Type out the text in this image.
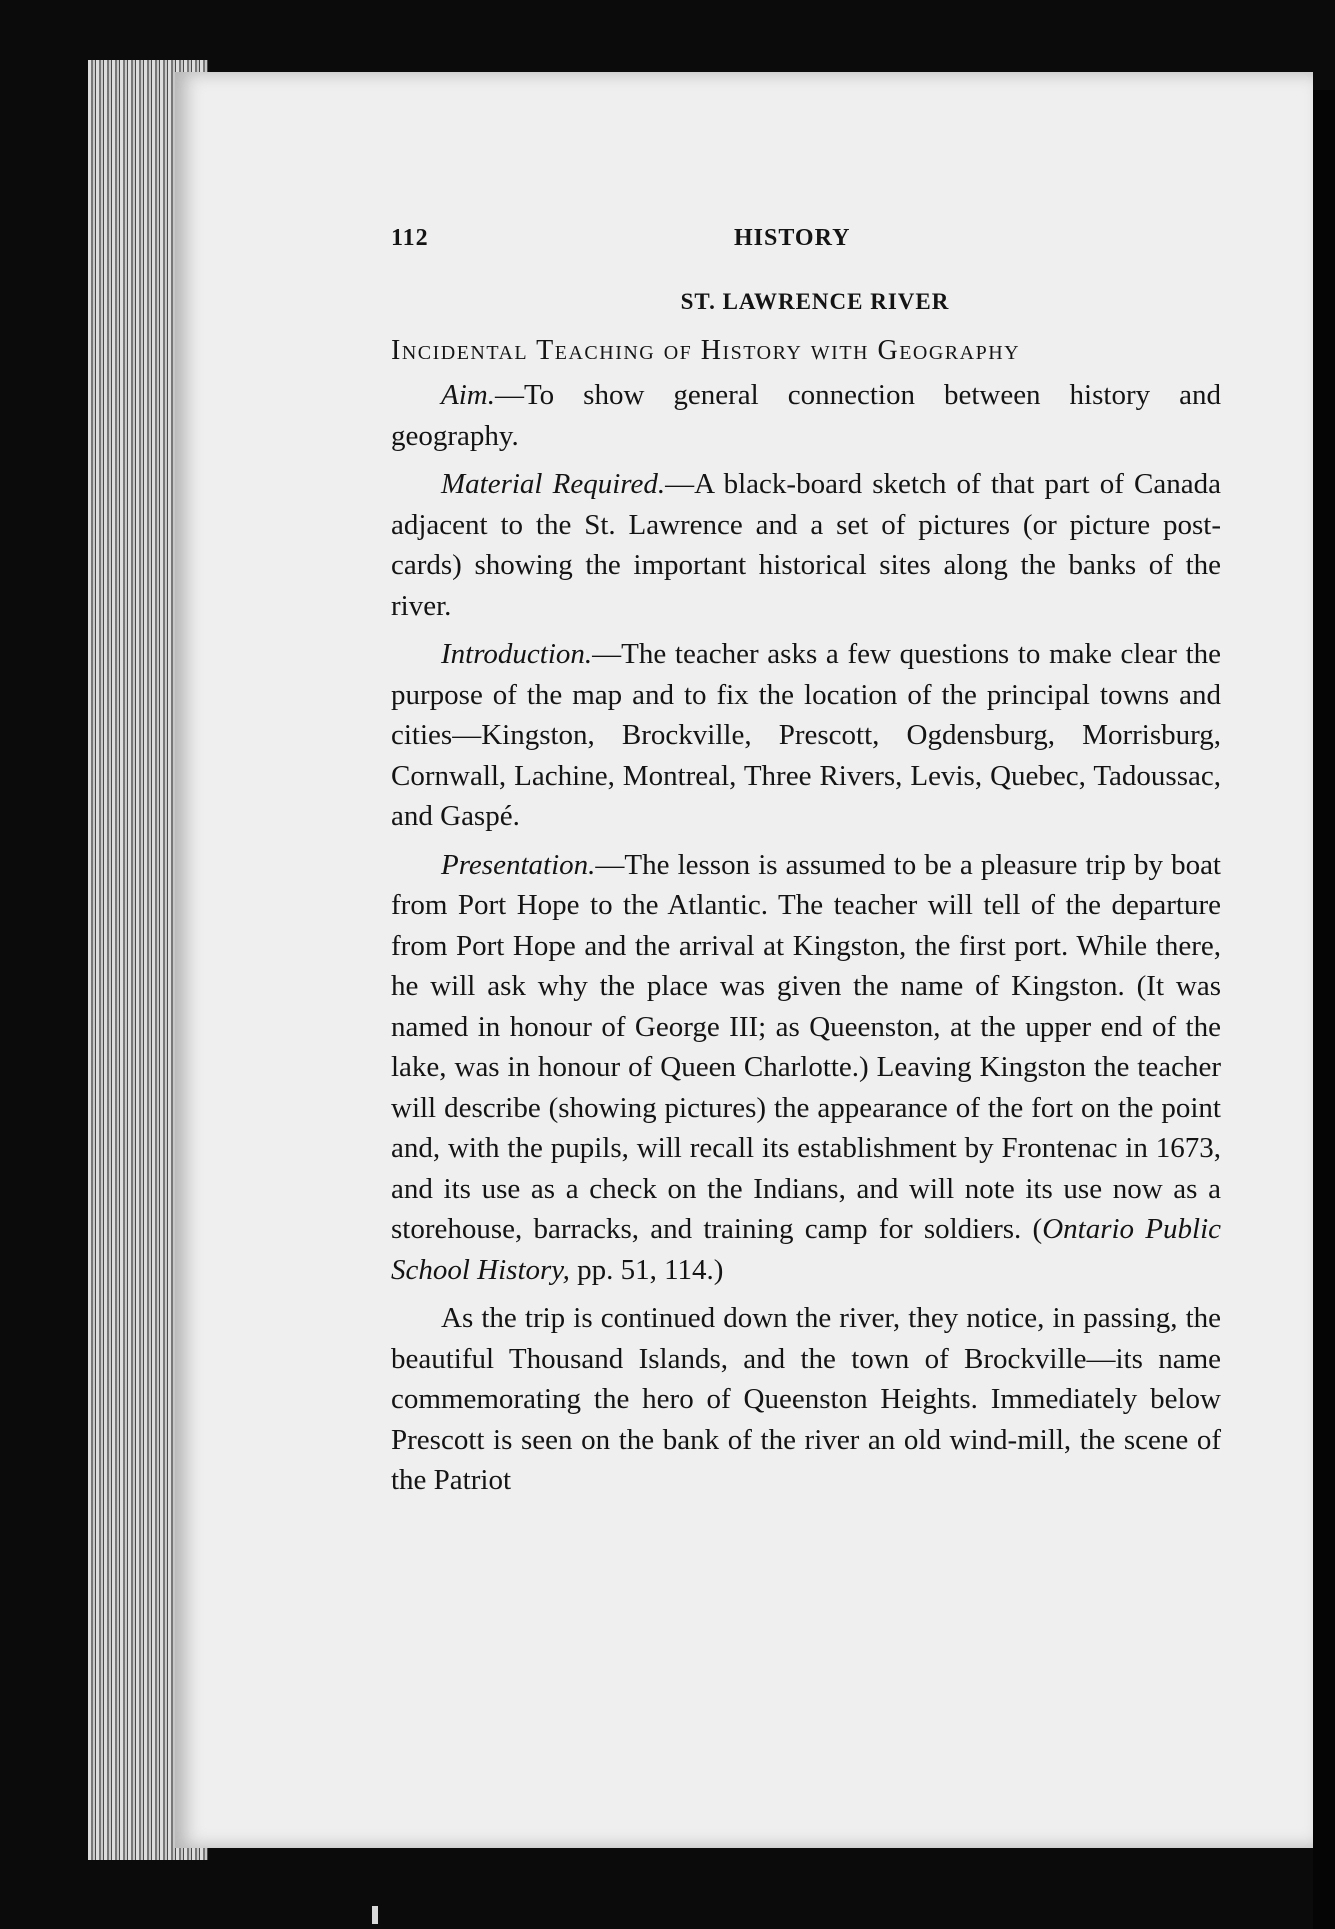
112	HISTORY
ST. LAWRENCE RIVER
Incidental Teaching of History with Geography

Aim.—To show general connection between history and geography.

Material Required.—A black-board sketch of that part of Canada adjacent to the St. Lawrence and a set of pictures (or picture post-cards) showing the important historical sites along the banks of the river.

Introduction.—The teacher asks a few questions to make clear the purpose of the map and to fix the location of the principal towns and cities—Kingston, Brockville, Prescott, Ogdensburg, Morrisburg, Cornwall, Lachine, Montreal, Three Rivers, Levis, Quebec, Tadoussac, and Gaspé.

Presentation.—The lesson is assumed to be a pleasure trip by boat from Port Hope to the Atlantic. The teacher will tell of the departure from Port Hope and the arrival at Kingston, the first port. While there, he will ask why the place was given the name of Kingston. (It was named in honour of George III; as Queenston, at the upper end of the lake, was in honour of Queen Charlotte.) Leaving Kingston the teacher will describe (showing pictures) the appearance of the fort on the point and, with the pupils, will recall its establishment by Frontenac in 1673, and its use as a check on the Indians, and will note its use now as a storehouse, barracks, and training camp for soldiers. (Ontario Public School History, pp. 51, 114.)

As the trip is continued down the river, they notice, in passing, the beautiful Thousand Islands, and the town of Brockville—its name commemorating the hero of Queenston Heights. Immediately below Prescott is seen on the bank of the river an old wind-mill, the scene of the Patriot
